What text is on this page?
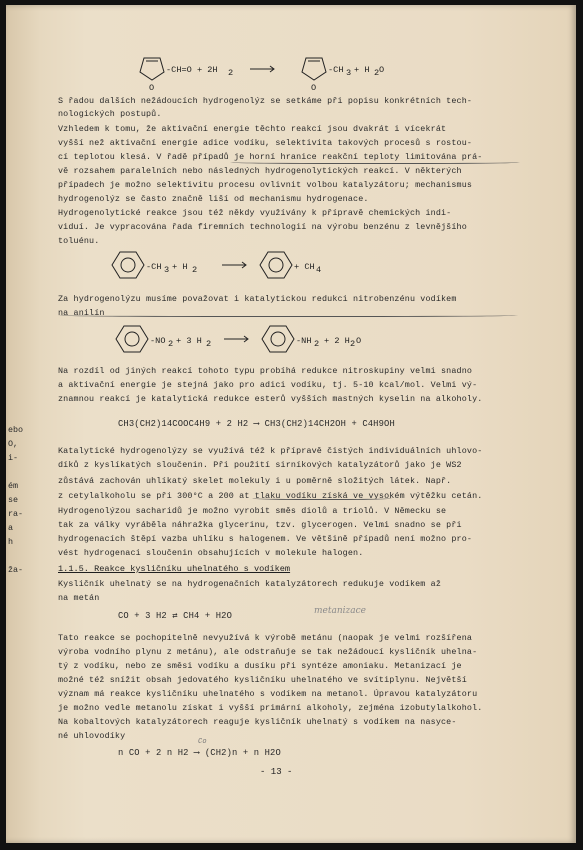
ebo
O,
i-
ém
se
ra-
a
h
ža-
O
-CH=O + 2H 2
O
-CH 3 + H 2 O
S řadou dalších nežádoucích hydrogenolýz se setkáme při popisu konkrétních tech-
nologických postupů.
Vzhledem k tomu, že aktivační energie těchto reakcí jsou dvakrát i vícekrát
vyšší než aktivační energie adice vodíku, selektivita takových procesů s rostou-
cí teplotou klesá. V řadě případů je horní hranice reakční teploty limitována prá-
vě rozsahem paralelních nebo následných hydrogenolytických reakcí. V některých
případech je možno selektivitu procesu ovlivnit volbou katalyzátoru; mechanismus
hydrogenolýz se často značně liší od mechanismu hydrogenace.
Hydrogenolytické reakce jsou též někdy využívány k přípravě chemických indi-
viduí. Je vypracována řada firemních technologií na výrobu benzénu z levnějšího
toluénu.
-CH 3 + H 2	+ CH 4
Za hydrogenolýzu musíme považovat i katalytickou redukci nitrobenzénu vodíkem
na anilín
-NO 2 + 3 H 2	-NH 2 + 2 H 2 O
Na rozdíl od jiných reakcí tohoto typu probíhá redukce nitroskupiny velmi snadno
a aktivační energie je stejná jako pro adici vodíku, tj. 5-10 kcal/mol. Velmi vý-
znamnou reakcí je katalytická redukce esterů vyšších mastných kyselin na alkoholy.
CH3(CH2)14COOC4H9 + 2 H2 ⟶ CH3(CH2)14CH2OH + C4H9OH
Katalytické hydrogenolýzy se využívá též k přípravě čistých individuálních uhlovo-
díků z kyslíkatých sloučenin. Při použití sirníkových katalyzátorů jako je WS2
zůstává zachován uhlíkatý skelet molekuly i u poměrně složitých látek. Např.
z cetylalkoholu se při 300°C a 200 at tlaku vodíku získá ve vysokém výtěžku cetán.
Hydrogenolýzou sacharidů je možno vyrobit směs diolů a triolů. V Německu se
tak za války vyráběla náhražka glycerinu, tzv. glycerogen. Velmi snadno se při
hydrogenacích štěpí vazba uhlíku s halogenem. Ve většině případů není možno pro-
vést hydrogenaci sloučenin obsahujících v molekule halogen.
1.1.5. Reakce kysličníku uhelnatého s vodíkem
Kysličník uhelnatý se na hydrogenačních katalyzátorech redukuje vodíkem až
na metán
CO + 3 H2 ⇄ CH4 + H2O	metanizace
Tato reakce se pochopitelně nevyužívá k výrobě metánu (naopak je velmi rozšířena
výroba vodního plynu z metánu), ale odstraňuje se tak nežádoucí kysličník uhelna-
tý z vodíku, nebo ze směsi vodíku a dusíku při syntéze amoniaku. Metanizací je
možné též snížit obsah jedovatého kysličníku uhelnatého ve svítiplynu. Největší
význam má reakce kysličníku uhelnatého s vodíkem na metanol. Úpravou katalyzátoru
je možno vedle metanolu získat i vyšší primární alkoholy, zejména izobutylalkohol.
Na kobaltových katalyzátorech reaguje kysličník uhelnatý s vodíkem na nasyce-
né uhlovodíky
Co
n CO + 2 n H2 ⟶ (CH2)n + n H2O
- 13 -
